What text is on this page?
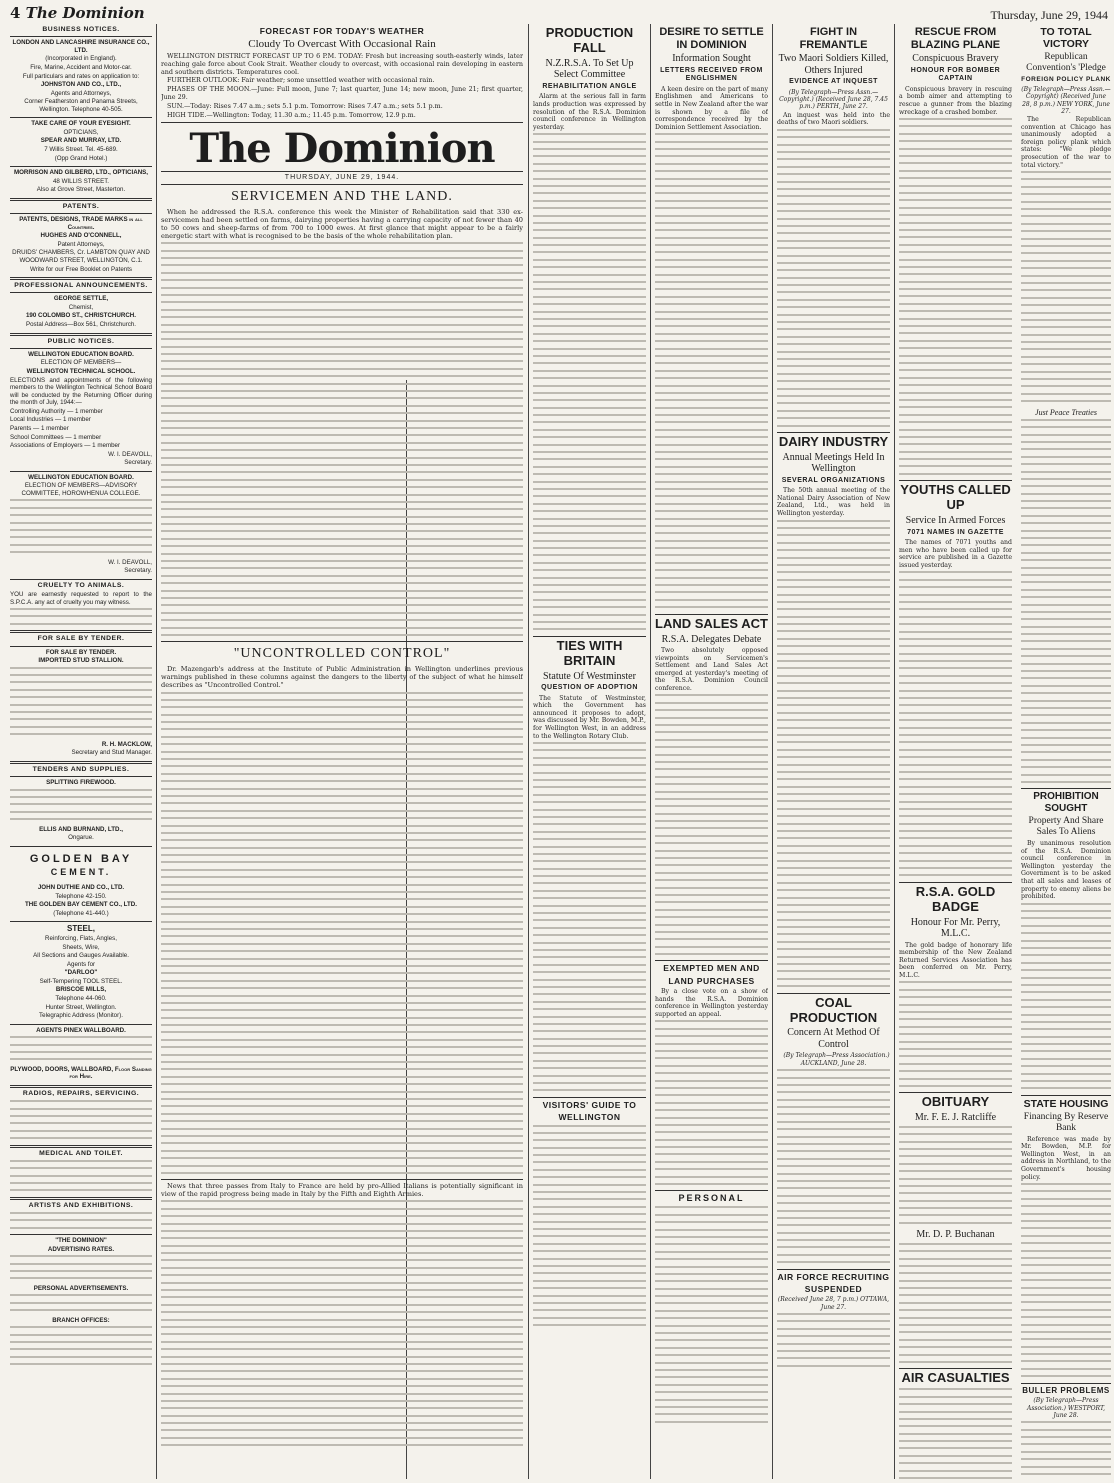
4 The Dominion	Thursday, June 29, 1944
BUSINESS NOTICES.

LONDON AND LANCASHIRE INSURANCE CO., LTD.

(Incorporated in England).

Fire, Marine, Accident and Motor-car.

Full particulars and rates on application to:

JOHNSTON AND CO., LTD.,

Agents and Attorneys,

Corner Featherston and Panama Streets, Wellington. Telephone 40-505.

TAKE CARE OF YOUR EYESIGHT.

OPTICIANS,

SPEAR AND MURRAY, LTD.

7 Willis Street. Tel. 45-689.

(Opp Grand Hotel.)

MORRISON AND GILBERD, LTD., OPTICIANS,

48 WILLIS STREET.

Also at Grove Street, Masterton.

PATENTS.

PATENTS, DESIGNS, TRADE MARKS in all Countries.

HUGHES AND O'CONNELL,

Patent Attorneys,

DRUIDS' CHAMBERS, Cr. LAMBTON QUAY AND WOODWARD STREET, WELLINGTON, C.1.

Write for our Free Booklet on Patents

PROFESSIONAL ANNOUNCEMENTS.

GEORGE SETTLE,

Chemist,

190 COLOMBO ST., CHRISTCHURCH.

Postal Address—Box 561, Christchurch.

PUBLIC NOTICES.

WELLINGTON EDUCATION BOARD.

ELECTION OF MEMBERS—

WELLINGTON TECHNICAL SCHOOL.

ELECTIONS and appointments of the following members to the Wellington Technical School Board will be conducted by the Returning Officer during the month of July, 1944:—

Controlling Authority — 1 member

Local Industries — 1 member

Parents — 1 member

School Committees — 1 member

Associations of Employers — 1 member

W. I. DEAVOLL,

Secretary.

WELLINGTON EDUCATION BOARD.

ELECTION OF MEMBERS—ADVISORY COMMITTEE, HOROWHENUA COLLEGE.

W. I. DEAVOLL,

Secretary.

CRUELTY TO ANIMALS.

YOU are earnestly requested to report to the S.P.C.A. any act of cruelty you may witness.

FOR SALE BY TENDER.

FOR SALE BY TENDER.

IMPORTED STUD STALLION.

R. H. MACKLOW,

Secretary and Stud Manager.

TENDERS AND SUPPLIES.

SPLITTING FIREWOOD.

ELLIS AND BURNAND, LTD.,

Ongarue.

GOLDEN BAY

CEMENT.

JOHN DUTHIE AND CO., LTD.

Telephone 42-150.

THE GOLDEN BAY CEMENT CO., LTD.

(Telephone 41-440.)

STEEL,

Reinforcing, Flats, Angles,

Sheets, Wire,

All Sections and Gauges Available.

Agents for

"DARLOO"

Self-Tempering TOOL STEEL.

BRISCOE MILLS,

Telephone 44-060.

Hunter Street, Wellington.

Telegraphic Address (Monitor).

AGENTS PINEX WALLBOARD.

PLYWOOD, DOORS, WALLBOARD, Floor Sanding for Hire.

RADIOS, REPAIRS, SERVICING.
MEDICAL AND TOILET.
ARTISTS AND EXHIBITIONS.

"THE DOMINION"

ADVERTISING RATES.

PERSONAL ADVERTISEMENTS.

BRANCH OFFICES:

FORECAST FOR TODAY'S WEATHER
Cloudy To Overcast With Occasional Rain

WELLINGTON DISTRICT FORECAST UP TO 6 P.M. TODAY: Fresh but increasing south-easterly winds, later reaching gale force about Cook Strait. Weather cloudy to overcast, with occasional rain developing in eastern and southern districts. Temperatures cool.

FURTHER OUTLOOK: Fair weather; some unsettled weather with occasional rain.

PHASES OF THE MOON.—June: Full moon, June 7; last quarter, June 14; new moon, June 21; first quarter, June 29.

SUN.—Today: Rises 7.47 a.m.; sets 5.1 p.m. Tomorrow: Rises 7.47 a.m.; sets 5.1 p.m.

HIGH TIDE.—Wellington: Today, 11.30 a.m.; 11.45 p.m. Tomorrow, 12.9 p.m.

The Dominion
THURSDAY, JUNE 29, 1944.
SERVICEMEN AND THE LAND.

When he addressed the R.S.A. conference this week the Minister of Rehabilitation said that 330 ex-servicemen had been settled on farms, dairying properties having a carrying capacity of not fewer than 40 to 50 cows and sheep-farms of from 700 to 1000 ewes. At first glance that might appear to be a fairly energetic start with what is recognised to be the basis of the whole rehabilitation plan.

"UNCONTROLLED CONTROL"

Dr. Mazengarb's address at the Institute of Public Administration in Wellington underlines previous warnings published in these columns against the dangers to the liberty of the subject of what he himself describes as "Uncontrolled Control."

News that three passes from Italy to France are held by pro-Allied Italians is potentially significant in view of the rapid progress being made in Italy by the Fifth and Eighth Armies.

PRODUCTION FALL
N.Z.R.S.A. To Set Up Select Committee
REHABILITATION ANGLE

Alarm at the serious fall in farm lands production was expressed by resolution of the R.S.A. Dominion council conference in Wellington yesterday.

TIES WITH BRITAIN
Statute Of Westminster
QUESTION OF ADOPTION

The Statute of Westminster, which the Government has announced it proposes to adopt, was discussed by Mr. Bowden, M.P., for Wellington West, in an address to the Wellington Rotary Club.

VISITORS' GUIDE TO
WELLINGTON
DESIRE TO SETTLE IN DOMINION
Information Sought
LETTERS RECEIVED FROM ENGLISHMEN

A keen desire on the part of many Englishmen and Americans to settle in New Zealand after the war is shown by a file of correspondence received by the Dominion Settlement Association.

LAND SALES ACT
R.S.A. Delegates Debate

Two absolutely opposed viewpoints on Servicemen's Settlement and Land Sales Act emerged at yesterday's meeting of the R.S.A. Dominion Council conference.

EXEMPTED MEN AND
LAND PURCHASES

By a close vote on a show of hands the R.S.A. Dominion conference in Wellington yesterday supported an appeal.

PERSONAL
FIGHT IN FREMANTLE
Two Maori Soldiers Killed, Others Injured
EVIDENCE AT INQUEST
(By Telegraph—Press Assn.—Copyright.) (Received June 28, 7.45 p.m.) PERTH, June 27.

An inquest was held into the deaths of two Maori soldiers.

DAIRY INDUSTRY
Annual Meetings Held In Wellington
SEVERAL ORGANIZATIONS

The 50th annual meeting of the National Dairy Association of New Zealand, Ltd., was held in Wellington yesterday.

COAL PRODUCTION
Concern At Method Of Control

(By Telegraph—Press Association.) AUCKLAND, June 28.

AIR FORCE RECRUITING
SUSPENDED
(Received June 28, 7 p.m.) OTTAWA, June 27.
RESCUE FROM BLAZING PLANE
Conspicuous Bravery
HONOUR FOR BOMBER CAPTAIN

Conspicuous bravery in rescuing a bomb aimer and attempting to rescue a gunner from the blazing wreckage of a crashed bomber.

YOUTHS CALLED UP
Service In Armed Forces
7071 NAMES IN GAZETTE

The names of 7071 youths and men who have been called up for service are published in a Gazette issued yesterday.

R.S.A. GOLD BADGE
Honour For Mr. Perry, M.L.C.

The gold badge of honorary life membership of the New Zealand Returned Services Association has been conferred on Mr. Perry, M.L.C.

OBITUARY
Mr. F. E. J. Ratcliffe
Mr. D. P. Buchanan
AIR CASUALTIES
TO TOTAL VICTORY
Republican Convention's 'Pledge
FOREIGN POLICY PLANK
(By Telegraph—Press Assn.—Copyright) (Received June 28, 8 p.m.) NEW YORK, June 27.

The Republican convention at Chicago has unanimously adopted a foreign policy plank which states: "We pledge prosecution of the war to total victory."

Just Peace Treaties
PROHIBITION SOUGHT
Property And Share Sales To Aliens

By unanimous resolution of the R.S.A. Dominion council conference in Wellington yesterday the Government is to be asked that all sales and leases of property to enemy aliens be prohibited.

STATE HOUSING
Financing By Reserve Bank

Reference was made by Mr. Bowden, M.P. for Wellington West, in an address in Northland, to the Government's housing policy.

BULLER PROBLEMS
(By Telegraph—Press Association.) WESTPORT, June 28.
